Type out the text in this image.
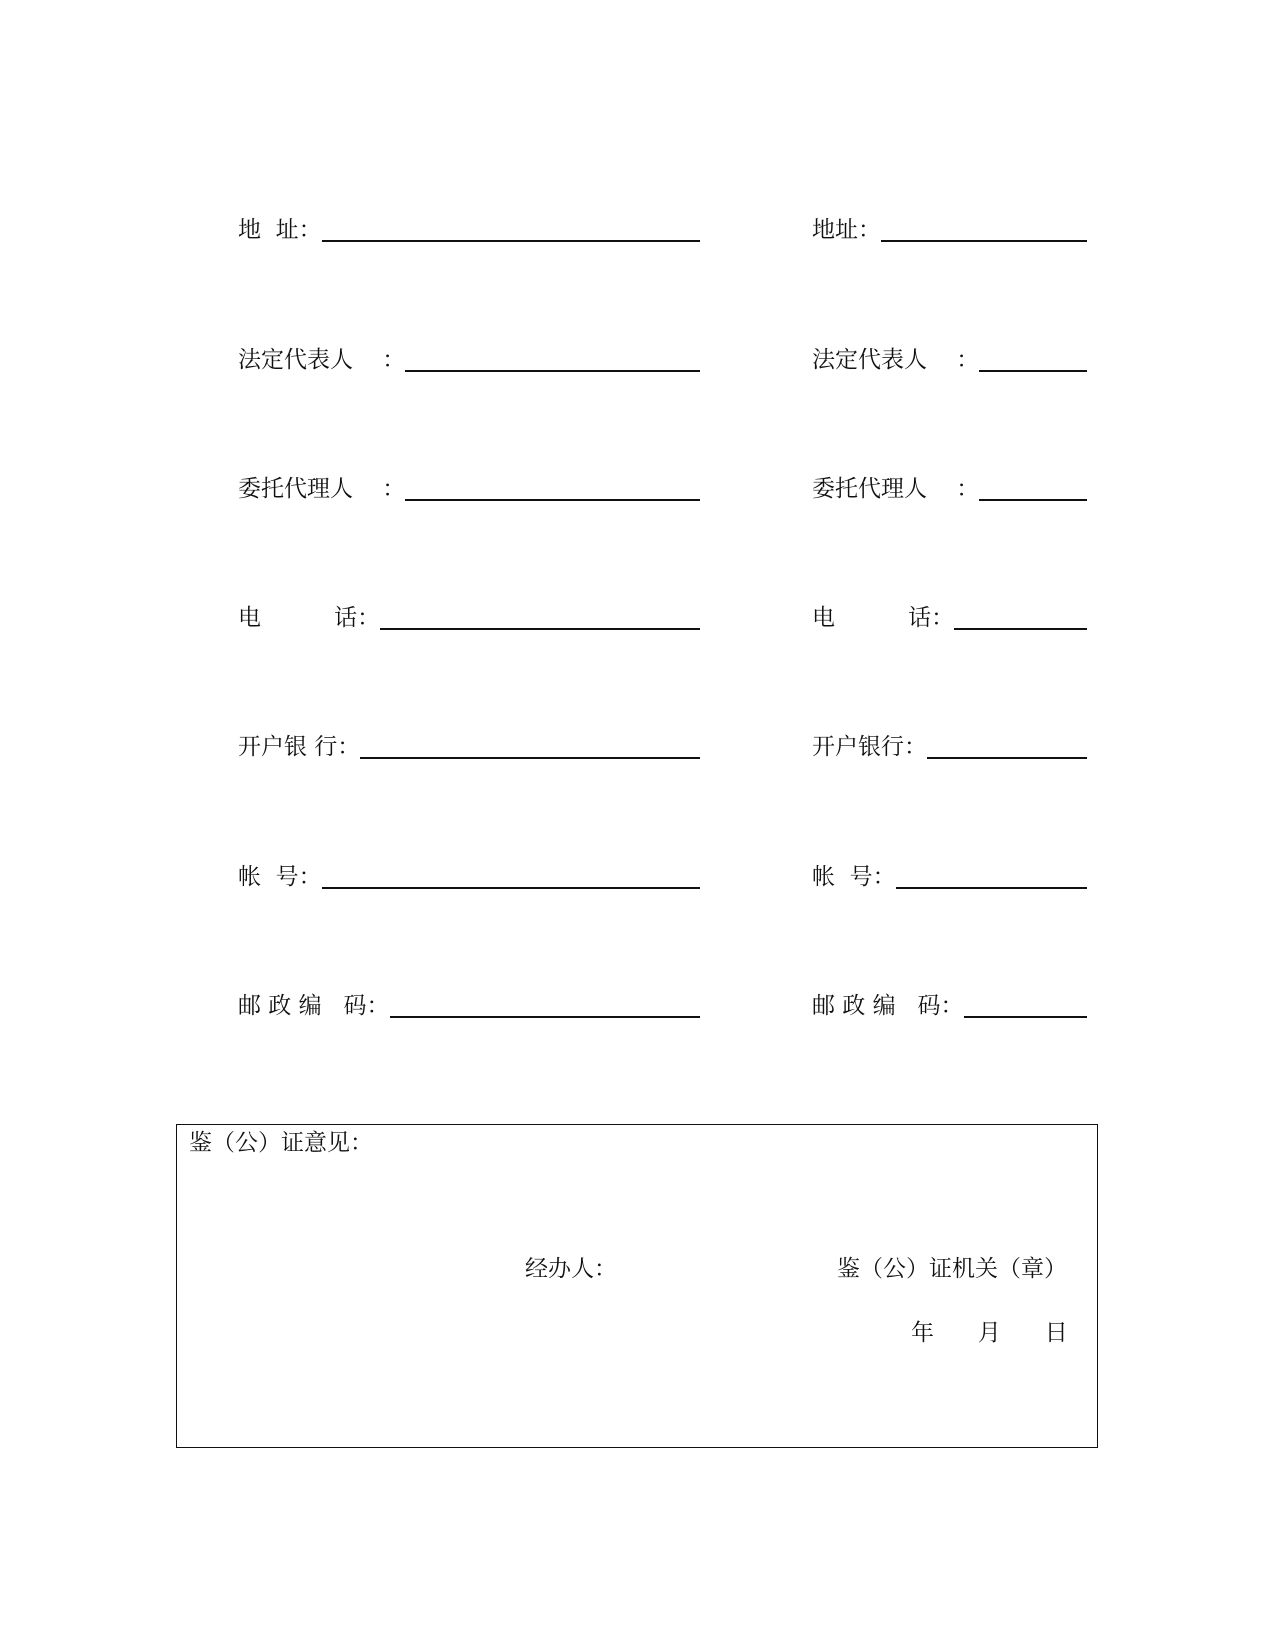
地  址：
法定代表人    ：
委托代理人    ：
电          话：
开户银 行：
帐  号：
邮 政 编   码：
地址：
法定代表人    ：
委托代理人    ：
电          话：
开户银行：
帐  号：
邮 政 编   码：
鉴（公）证意见：
经办人：	鉴（公）证机关（章）
年      月      日
